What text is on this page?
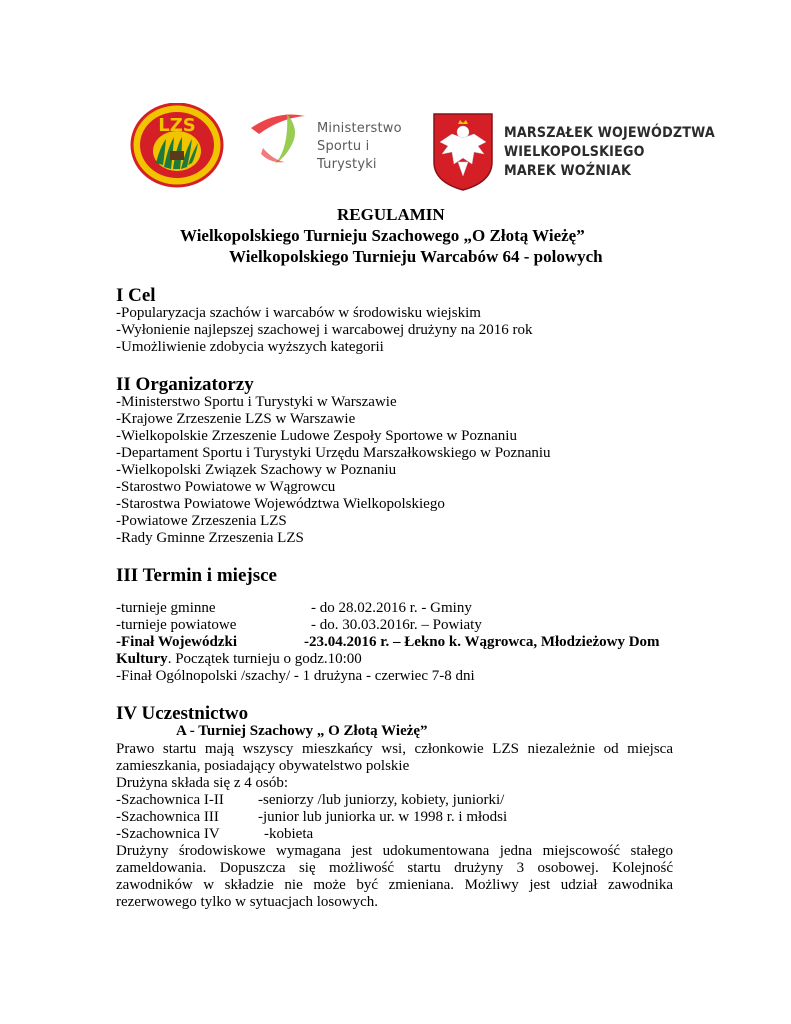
LZS	Ministerstwo
Sportu i Turystyki
MARSZAŁEK WOJEWÓDZTWA
WIELKOPOLSKIEGO
MAREK WOŹNIAK
REGULAMIN
Wielkopolskiego Turnieju Szachowego „O Złotą Wieżę”
Wielkopolskiego Turnieju Warcabów 64 - polowych
I Cel
-Popularyzacja szachów i warcabów w środowisku wiejskim
-Wyłonienie najlepszej szachowej i warcabowej drużyny na 2016 rok
-Umożliwienie zdobycia wyższych kategorii
II Organizatorzy
-Ministerstwo Sportu i Turystyki w Warszawie
-Krajowe Zrzeszenie LZS w Warszawie
-Wielkopolskie Zrzeszenie Ludowe Zespoły Sportowe w Poznaniu
-Departament Sportu i Turystyki Urzędu Marszałkowskiego w Poznaniu
-Wielkopolski Związek Szachowy w Poznaniu
-Starostwo Powiatowe w Wągrowcu
-Starostwa Powiatowe Województwa Wielkopolskiego
-Powiatowe Zrzeszenia LZS
-Rady Gminne Zrzeszenia LZS
III Termin i miejsce
-turnieje gminne	- do 28.02.2016 r. - Gminy
-turnieje powiatowe	- do. 30.03.2016r. – Powiaty
-Finał Wojewódzki	-23.04.2016 r. – Łekno k. Wągrowca, Młodzieżowy Dom
Kultury. Początek turnieju o godz.10:00
-Finał Ogólnopolski /szachy/ - 1 drużyna - czerwiec 7-8 dni
IV Uczestnictwo
A - Turniej Szachowy „ O Złotą Wieżę”
Prawo startu mają wszyscy mieszkańcy wsi, członkowie LZS niezależnie od miejsca
zamieszkania, posiadający obywatelstwo polskie
Drużyna składa się z 4 osób:
-Szachownica I-II -seniorzy /lub juniorzy, kobiety, juniorki/
-Szachownica III	-junior lub juniorka ur. w 1998 r. i młodsi
-Szachownica IV	-kobieta
Drużyny środowiskowe wymagana jest udokumentowana jedna miejscowość stałego
zameldowania. Dopuszcza się możliwość startu drużyny 3 osobowej. Kolejność
zawodników w składzie nie może być zmieniana. Możliwy jest udział zawodnika
rezerwowego tylko w sytuacjach losowych.
